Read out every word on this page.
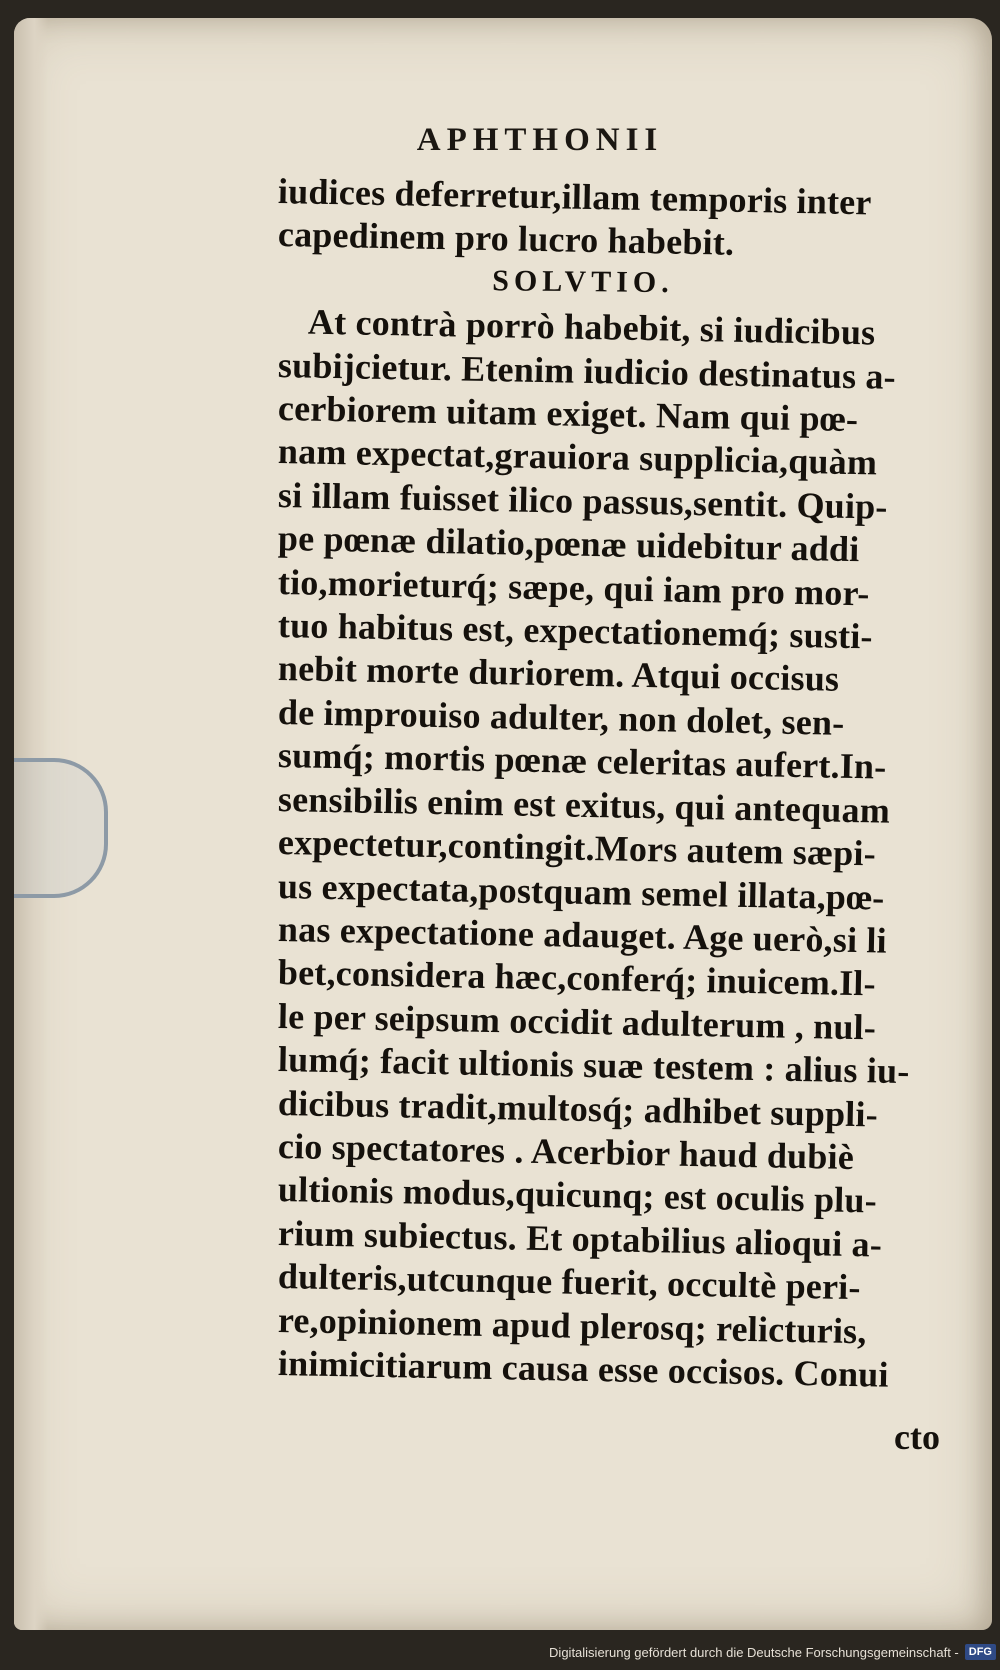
APHTHONII
iudices deferretur,illam temporis inter
capedinem pro lucro habebit.
SOLVTIO.
At contrà porrò habebit, si iudicibus
subijcietur. Etenim iudicio destinatus a-
cerbiorem uitam exiget. Nam qui pœ-
nam expectat,grauiora supplicia,quàm
si illam fuisset ilico passus,sentit. Quip-
pe pœnæ dilatio,pœnæ uidebitur addi
tio,morieturq́; sæpe, qui iam pro mor-
tuo habitus est, expectationemq́; susti-
nebit morte duriorem. Atqui occisus
de improuiso adulter, non dolet, sen-
sumq́; mortis pœnæ celeritas aufert.In-
sensibilis enim est exitus, qui antequam
expectetur,contingit.Mors autem sæpi-
us expectata,postquam semel illata,pœ-
nas expectatione adauget. Age uerò,si li
bet,considera hæc,conferq́; inuicem.Il-
le per seipsum occidit adulterum , nul-
lumq́; facit ultionis suæ testem : alius iu-
dicibus tradit,multosq́; adhibet suppli-
cio spectatores . Acerbior haud dubiè
ultionis modus,quicunq; est oculis plu-
rium subiectus. Et optabilius alioqui a-
dulteris,utcunque fuerit, occultè peri-
re,opinionem apud plerosq; relicturis,
inimicitiarum causa esse occisos. Conui
cto
Digitalisierung gefördert durch die Deutsche Forschungsgemeinschaft - DFG
